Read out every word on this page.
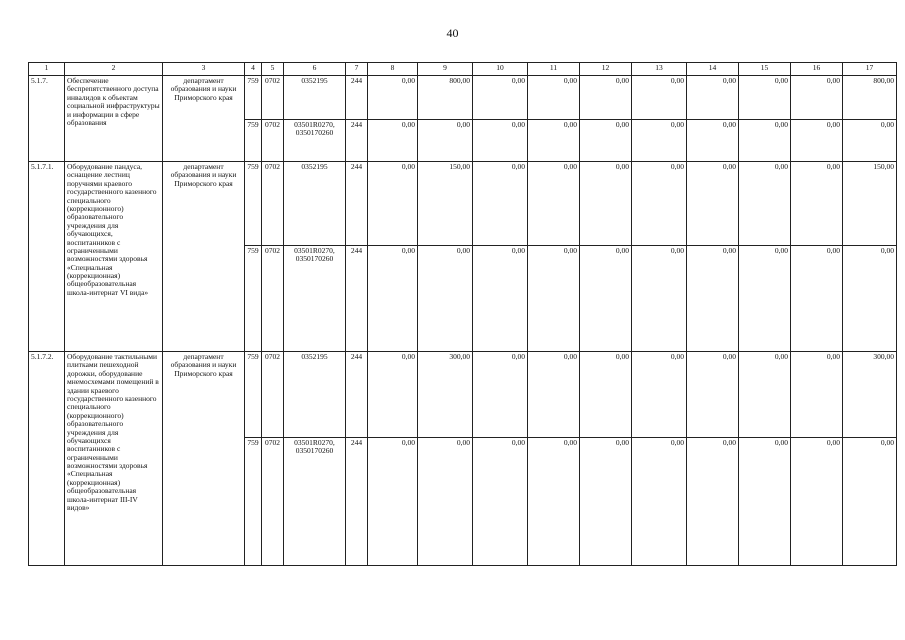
40
1	2	3	4	5	6	7	8	9	10	11	12	13	14	15	16	17
5.1.7.	Обеспечение беспрепятственного доступа инвалидов к объектам социальной инфраструктуры и информации в сфере образования	департамент образования и науки Приморского края	759	0702	0352195	244	0,00	800,00	0,00	0,00	0,00	0,00	0,00	0,00	0,00	800,00
			759	0702	03501R0270, 0350170260	244	0,00	0,00	0,00	0,00	0,00	0,00	0,00	0,00	0,00	0,00
5.1.7.1.	Оборудование пандуса, оснащение лестниц поручнями краевого государственного казенного специального (коррекционного) образовательного учреждения для обучающихся, воспитанников с ограниченными возможностями здоровья «Специальная (коррекционная) общеобразовательная школа-интернат VI вида»	департамент образования и науки Приморского края	759	0702	0352195	244	0,00	150,00	0,00	0,00	0,00	0,00	0,00	0,00	0,00	150,00
			759	0702	03501R0270, 0350170260	244	0,00	0,00	0,00	0,00	0,00	0,00	0,00	0,00	0,00	0,00
5.1.7.2.	Оборудование тактильными плитками пешеходной дорожки, оборудование мнемосхемами помещений в здании краевого государственного казенного специального (коррекционного) образовательного учреждения для обучающихся воспитанников с ограниченными возможностями здоровья «Специальная (коррекционная) общеобразовательная школа-интернат III-IV видов»	департамент образования и науки Приморского края	759	0702	0352195	244	0,00	300,00	0,00	0,00	0,00	0,00	0,00	0,00	0,00	300,00
			759	0702	03501R0270, 0350170260	244	0,00	0,00	0,00	0,00	0,00	0,00	0,00	0,00	0,00	0,00
